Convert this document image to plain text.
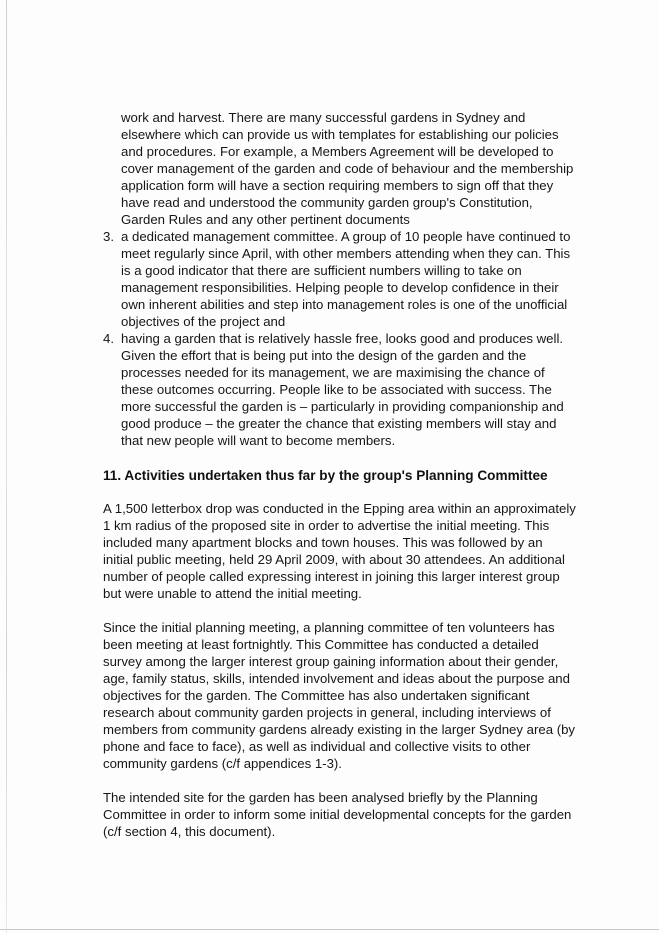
work and harvest. There are many successful gardens in Sydney and
elsewhere which can provide us with templates for establishing our policies
and procedures. For example, a Members Agreement will be developed to
cover management of the garden and code of behaviour and the membership
application form will have a section requiring members to sign off that they
have read and understood the community garden group's Constitution,
Garden Rules and any other pertinent documents
3. a dedicated management committee. A group of 10 people have continued to
meet regularly since April, with other members attending when they can. This
is a good indicator that there are sufficient numbers willing to take on
management responsibilities. Helping people to develop confidence in their
own inherent abilities and step into management roles is one of the unofficial
objectives of the project and
4. having a garden that is relatively hassle free, looks good and produces well.
Given the effort that is being put into the design of the garden and the
processes needed for its management, we are maximising the chance of
these outcomes occurring. People like to be associated with success. The
more successful the garden is – particularly in providing companionship and
good produce – the greater the chance that existing members will stay and
that new people will want to become members.
11. Activities undertaken thus far by the group's Planning Committee
A 1,500 letterbox drop was conducted in the Epping area within an approximately
1 km radius of the proposed site in order to advertise the initial meeting. This
included many apartment blocks and town houses. This was followed by an
initial public meeting, held 29 April 2009, with about 30 attendees. An additional
number of people called expressing interest in joining this larger interest group
but were unable to attend the initial meeting.
Since the initial planning meeting, a planning committee of ten volunteers has
been meeting at least fortnightly. This Committee has conducted a detailed
survey among the larger interest group gaining information about their gender,
age, family status, skills, intended involvement and ideas about the purpose and
objectives for the garden. The Committee has also undertaken significant
research about community garden projects in general, including interviews of
members from community gardens already existing in the larger Sydney area (by
phone and face to face), as well as individual and collective visits to other
community gardens (c/f appendices 1-3).
The intended site for the garden has been analysed briefly by the Planning
Committee in order to inform some initial developmental concepts for the garden
(c/f section 4, this document).
